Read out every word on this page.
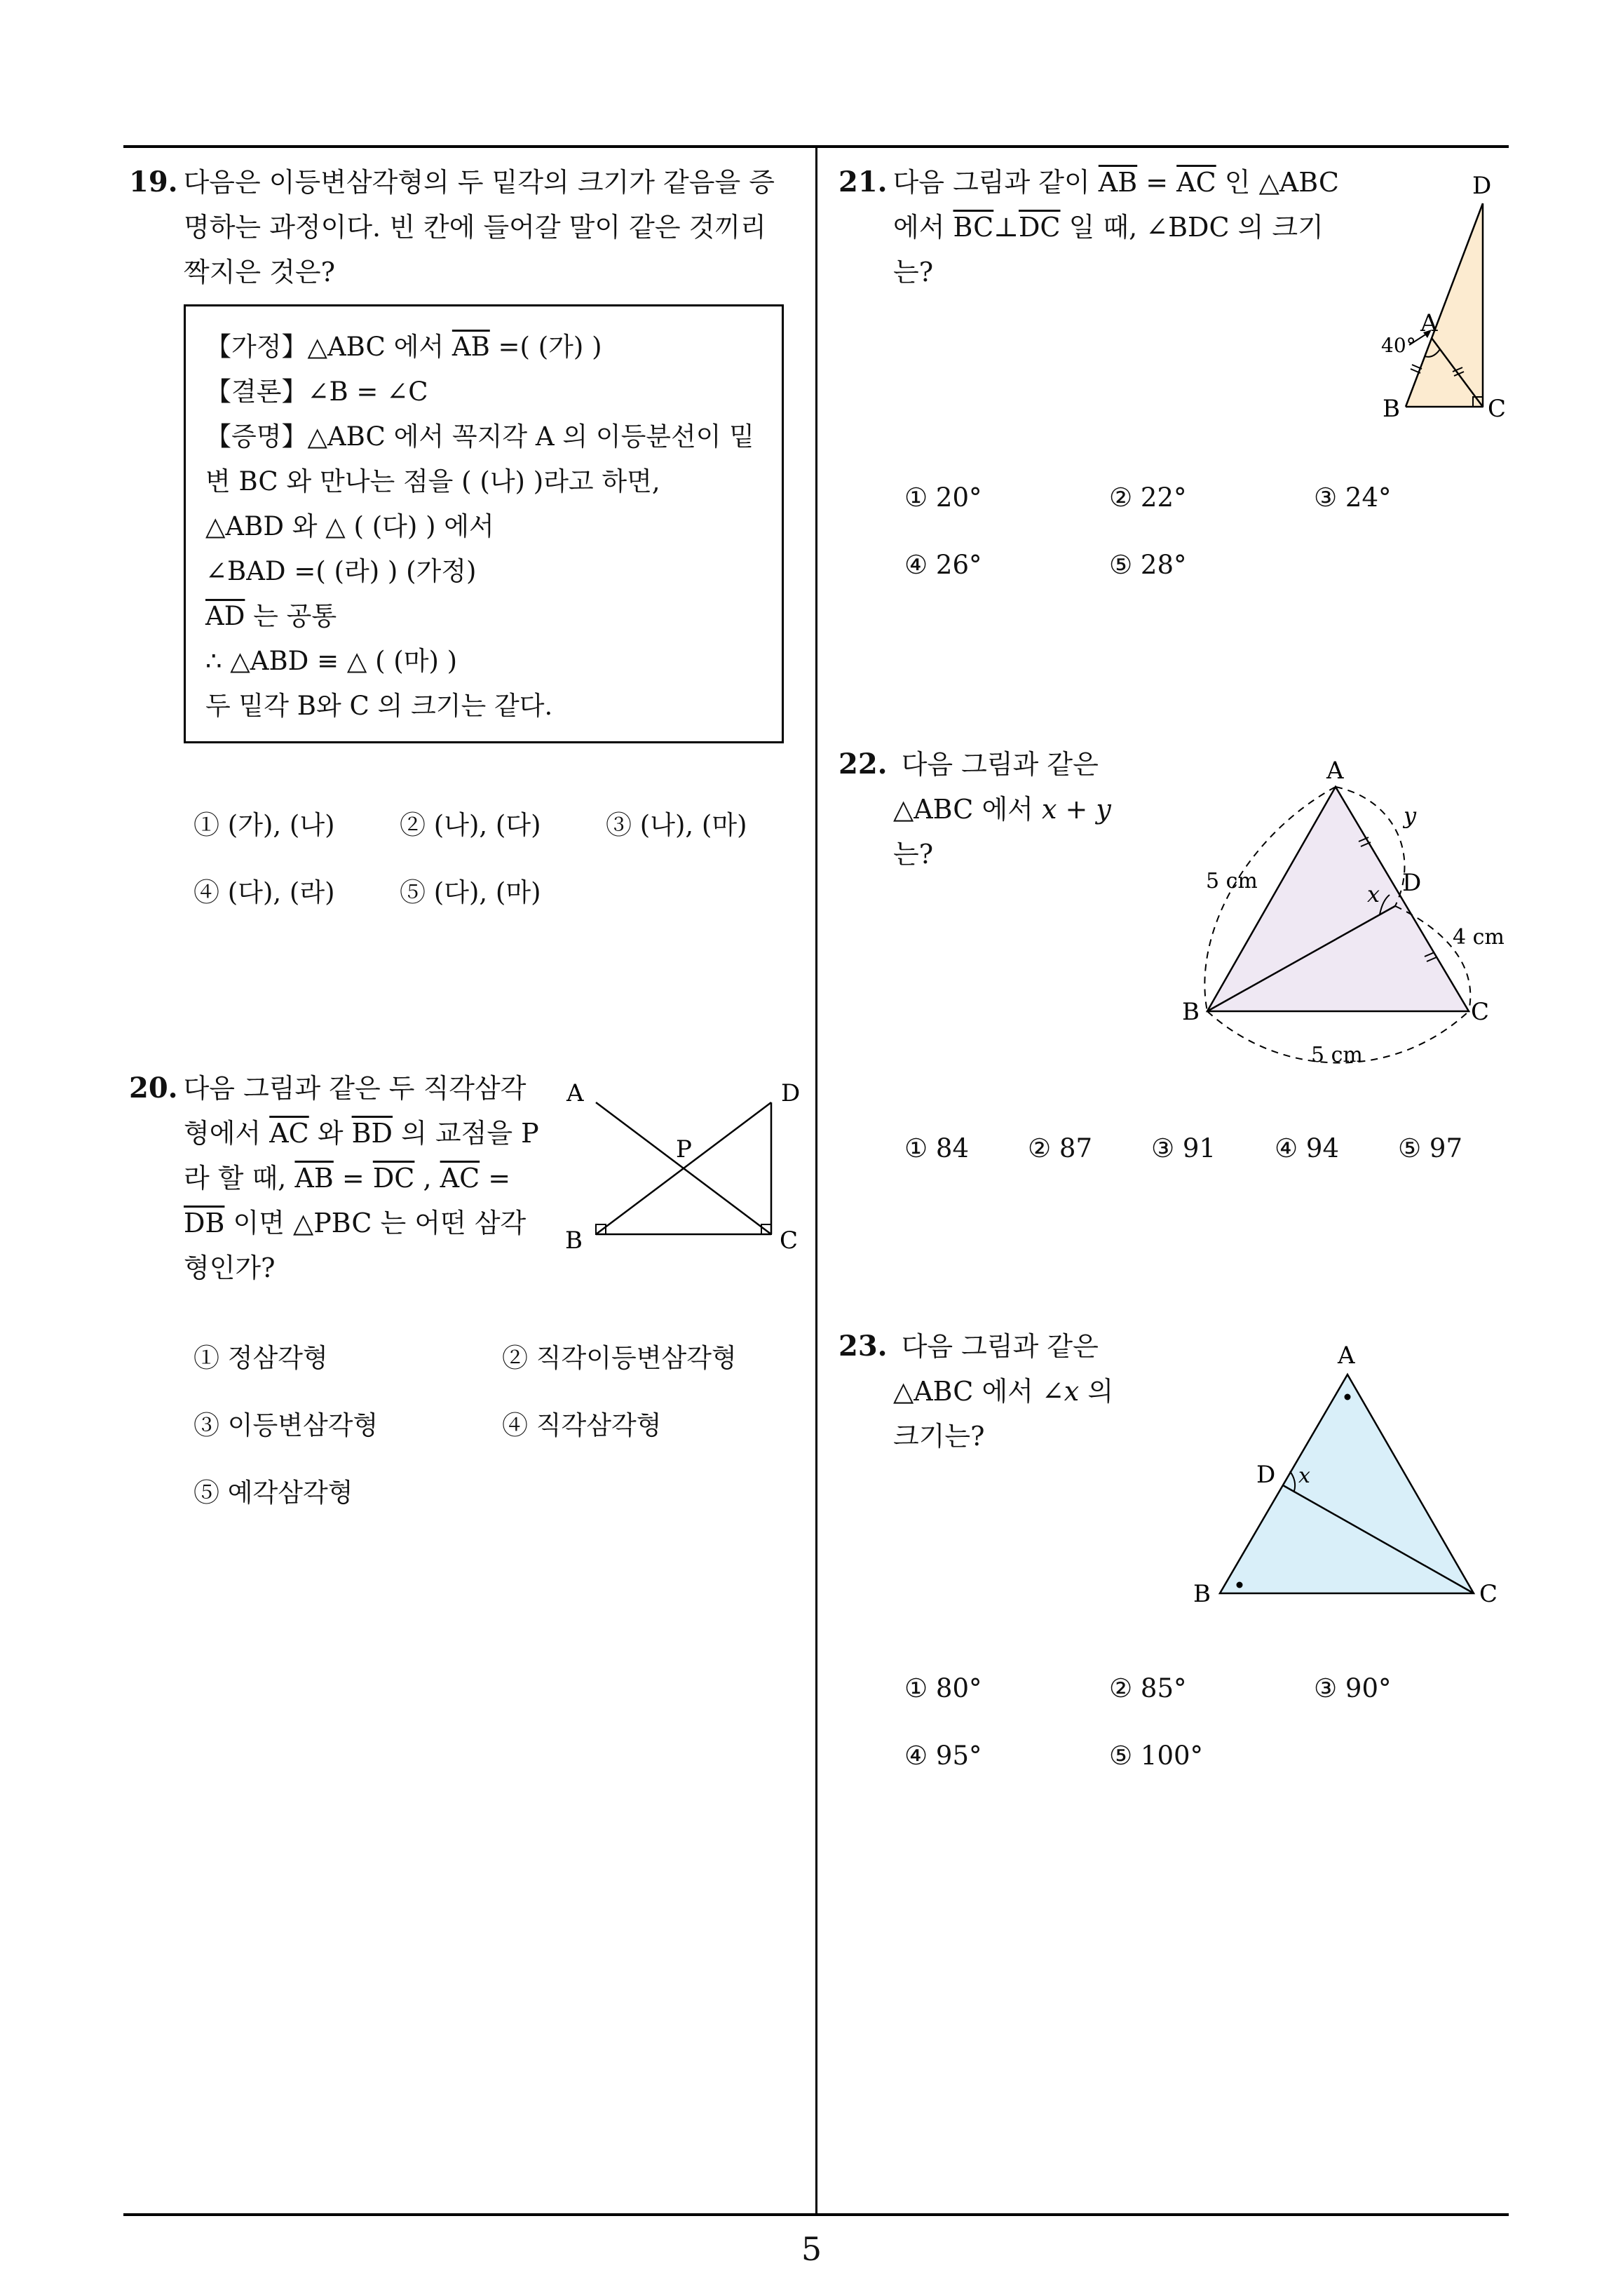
19. 다음은 이등변삼각형의 두 밑각의 크기가 같음을 증
명하는 과정이다. 빈 칸에 들어갈 말이 같은 것끼리
짝지은 것은?
【가정】△ABC 에서 $\overline{AB}$ =( (가) )
【결론】∠B = ∠C
【증명】△ABC 에서 꼭지각 A 의 이등분선이 밑
변 BC 와 만나는 점을 ( (나) )라고 하면,
△ABD 와 △ ( (다) ) 에서
∠BAD =( (라) ) (가정)
$\overline{AD}$ 는 공통
∴ △ABD ≡ △ ( (마) )
두 밑각 B와 C 의 크기는 같다.
① (가), (나) ② (나), (다) ③ (나), (마)
④ (다), (라) ⑤ (다), (마)
20. 다음 그림과 같은 두 직각삼각
형에서 $\overline{AC}$ 와 $\overline{BD}$ 의 교점을 P
라 할 때, $\overline{AB} = \overline{DC}$ , $\overline{AC}$ =
$\overline{DB}$ 이면 △PBC 는 어떤 삼각
형인가?
A	D
P
B	C
① 정삼각형	② 직각이등변삼각형
③ 이등변삼각형	④ 직각삼각형
⑤ 예각삼각형
21. 다음 그림과 같이 $\overline{AB} = \overline{AC}$ 인 △ABC
에서 $\overline{BC}\perp\overline{DC}$ 일 때, ∠BDC 의 크기
는?
D
A
B	C
40°
① 20°	② 22°	③ 24°
④ 26°	⑤ 28°
22. 다음 그림과 같은
△ABC 에서 x + y
는?
A
B	C
D
x
y
5 cm
4 cm
5 cm
① 84 ② 87 ③ 91 ④ 94 ⑤ 97
23. 다음 그림과 같은
△ABC 에서 ∠x 의
크기는?
A
B	C
D x
① 80°	② 85°	③ 90°
④ 95°	⑤ 100°
5
